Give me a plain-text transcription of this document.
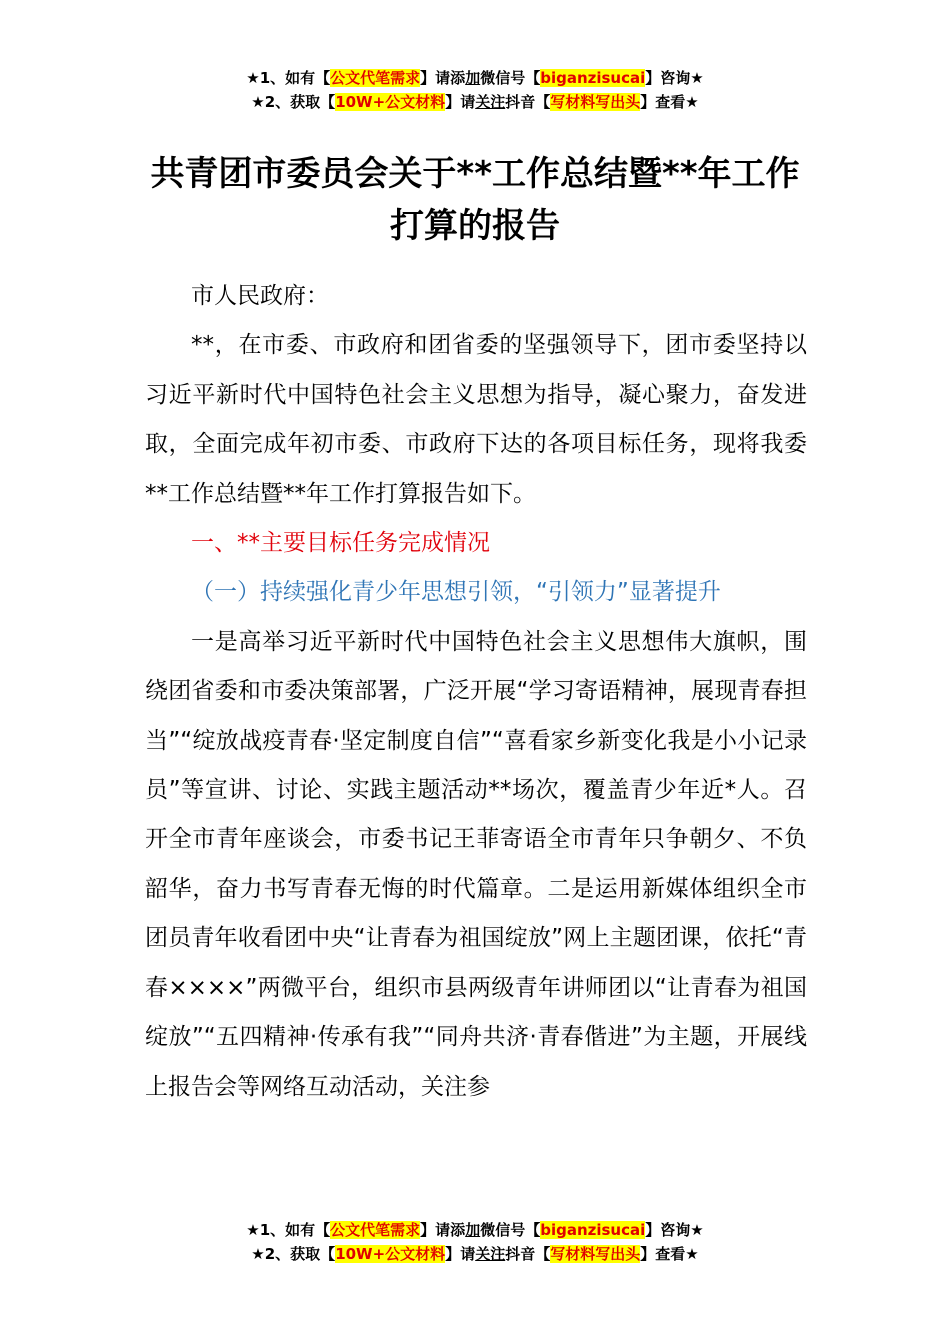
★1、如有【公文代笔需求】请添加微信号【biganzisucai】咨询★
★2、获取【10W+公文材料】请关注抖音【写材料写出头】查看★
共青团市委员会关于**工作总结暨**年工作打算的报告

市人民政府：

**，在市委、市政府和团省委的坚强领导下，团市委坚持以习近平新时代中国特色社会主义思想为指导，凝心聚力，奋发进取，全面完成年初市委、市政府下达的各项目标任务，现将我委**工作总结暨**年工作打算报告如下。

一、**主要目标任务完成情况

（一）持续强化青少年思想引领，“引领力”显著提升

一是高举习近平新时代中国特色社会主义思想伟大旗帜，围绕团省委和市委决策部署，广泛开展“学习寄语精神，展现青春担当”“绽放战疫青春·坚定制度自信”“喜看家乡新变化我是小小记录员”等宣讲、讨论、实践主题活动**场次，覆盖青少年近*人。召开全市青年座谈会，市委书记王菲寄语全市青年只争朝夕、不负韶华，奋力书写青春无悔的时代篇章。二是运用新媒体组织全市团员青年收看团中央“让青春为祖国绽放”网上主题团课，依托“青春××××”两微平台，组织市县两级青年讲师团以“让青春为祖国绽放”“五四精神·传承有我”“同舟共济·青春偕进”为主题，开展线上报告会等网络互动活动，关注参

★1、如有【公文代笔需求】请添加微信号【biganzisucai】咨询★
★2、获取【10W+公文材料】请关注抖音【写材料写出头】查看★
